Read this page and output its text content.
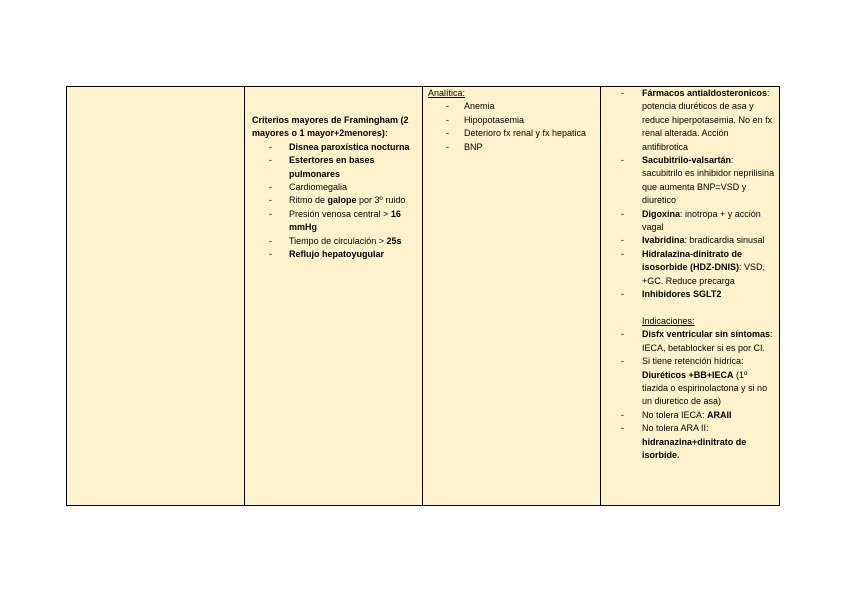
Criterios mayores de Framingham (2 mayores o 1 mayor+2menores):
- Disnea paroxística nocturna
- Estertores en bases pulmonares
- Cardiomegalia
- Ritmo de galope por 3º ruido
- Presión venosa central > 16 mmHg
- Tiempo de circulación > 25s
- Reflujo hepatoyugular

Analítica:
- Anemia
- Hipopotasemia
- Deterioro fx renal y fx hepatica
- BNP

- Fármacos antialdosteronicos: potencia diuréticos de asa y reduce hiperpotasemia. No en fx renal alterada. Acción antifibrotica
- Sacubitrilo-valsartán: sacubitrilo es inhibidor neprilisina que aumenta BNP=VSD y diuretico
- Digoxina: inotropa + y acción vagal
- Ivabridina: bradicardia sinusal
- Hidralazina-dinitrato de isosorbide (HDZ-DNIS): VSD, +GC. Reduce precarga
- Inhibidores SGLT2
Indicaciones:
- Disfx ventricular sin síntomas: IECA, betablocker si es por CI.
- Si tiene retención hídrica: Diuréticos +BB+IECA (1º tiazida o espirinolactona y si no un diuretico de asa)
- No tolera IECA: ARAII
- No tolera ARA II: hidranazina+dinitrato de isorbide.
